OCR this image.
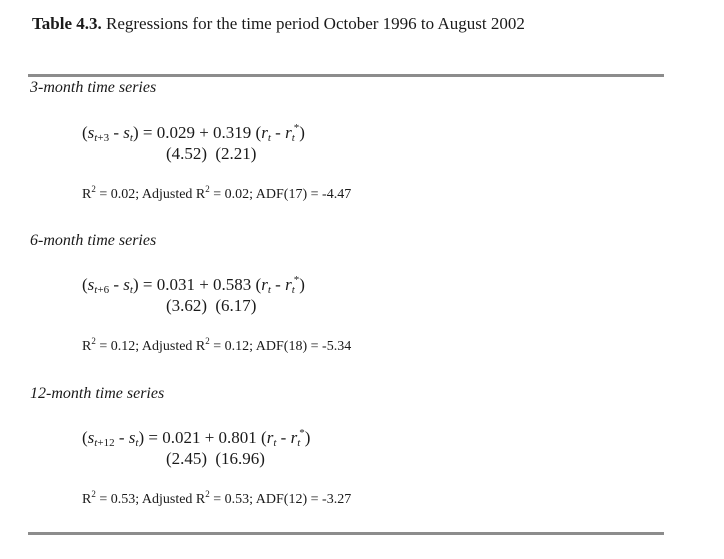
Table 4.3. Regressions for the time period October 1996 to August 2002
3-month time series
$(s_{t+3} - s_t) = 0.029 + 0.319$ $(r_t - r_t^*)$
(4.52) (2.21)
$R^2 = 0.02$; Adjusted $R^2 = 0.02$; ADF(17) = -4.47
6-month time series
$(s_{t+6} - s_t) = 0.031 + 0.583$ $(r_t - r_t^*)$
(3.62) (6.17)
$R^2 = 0.12$; Adjusted $R^2 = 0.12$; ADF(18) = -5.34
12-month time series
$(s_{t+12} - s_t) = 0.021 + 0.801$ $(r_t - r_t^*)$
(2.45) (16.96)
$R^2 = 0.53$; Adjusted $R^2 = 0.53$; ADF(12) = -3.27
